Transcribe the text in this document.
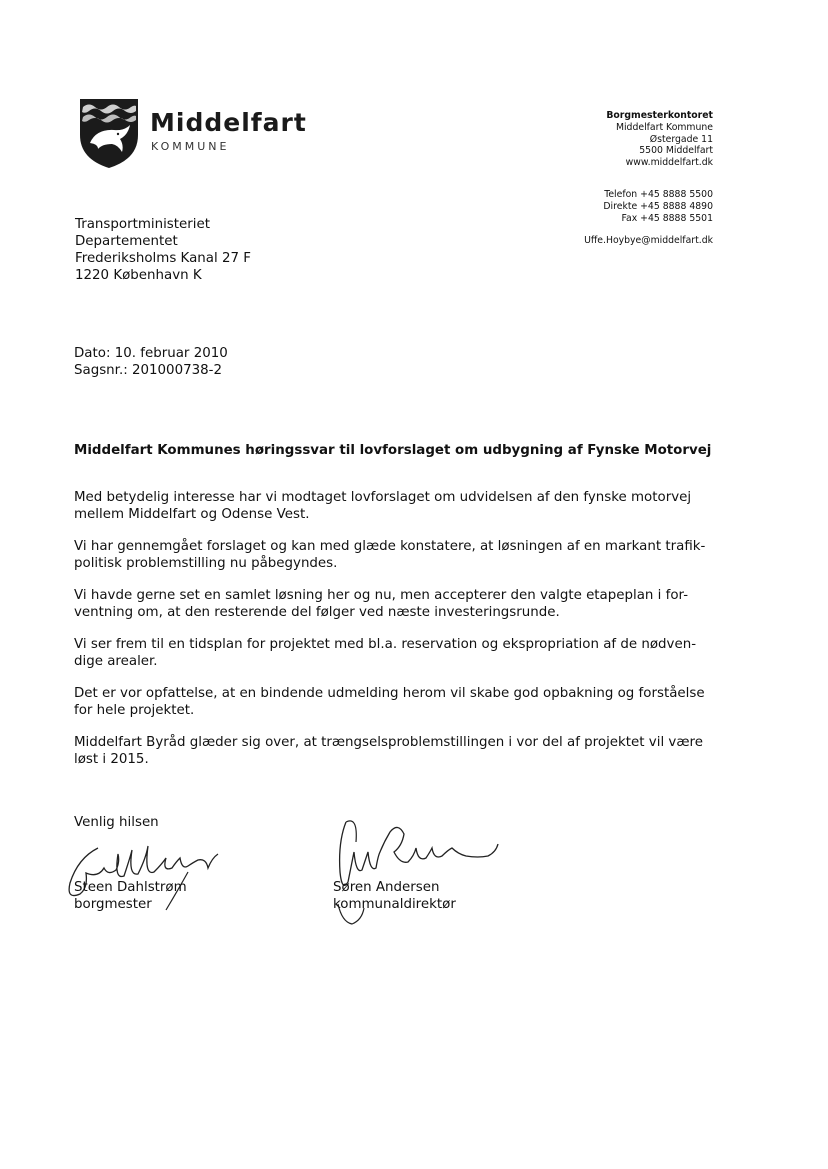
Middelfart
KOMMUNE
Borgmesterkontoret
Middelfart Kommune
Østergade 11
5500 Middelfart
www.middelfart.dk
Telefon +45 8888 5500
Direkte +45 8888 4890
Fax +45 8888 5501
Uffe.Hoybye@middelfart.dk
Transportministeriet
Departementet
Frederiksholms Kanal 27 F
1220 København K
Dato: 10. februar 2010
Sagsnr.: 201000738-2
Middelfart Kommunes høringssvar til lovforslaget om udbygning af Fynske Motorvej

Med betydelig interesse har vi modtaget lovforslaget om udvidelsen af den fynske motorvej
mellem Middelfart og Odense Vest.

Vi har gennemgået forslaget og kan med glæde konstatere, at løsningen af en markant trafik-
politisk problemstilling nu påbegyndes.

Vi havde gerne set en samlet løsning her og nu, men accepterer den valgte etapeplan i for-
ventning om, at den resterende del følger ved næste investeringsrunde.

Vi ser frem til en tidsplan for projektet med bl.a. reservation og ekspropriation af de nødven-
dige arealer.

Det er vor opfattelse, at en bindende udmelding herom vil skabe god opbakning og forståelse
for hele projektet.

Middelfart Byråd glæder sig over, at trængselsproblemstillingen i vor del af projektet vil være
løst i 2015.

Venlig hilsen
Steen Dahlstrøm
borgmester
Søren Andersen
kommunaldirektør
